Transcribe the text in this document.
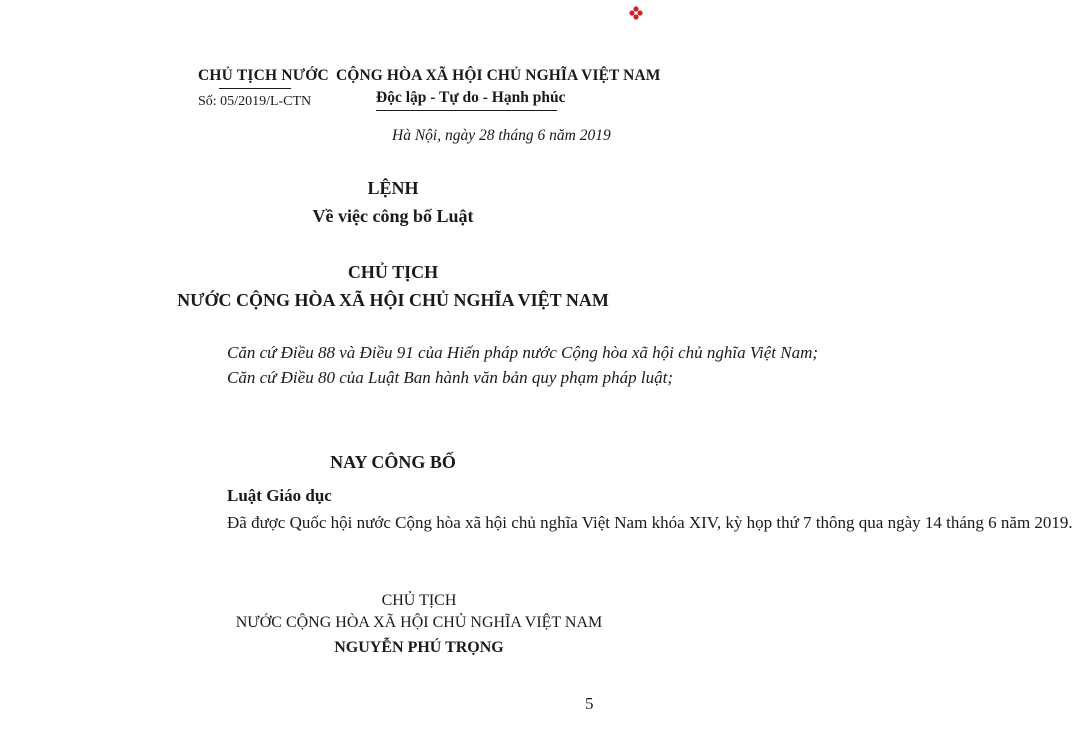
CHỦ TỊCH NƯỚC
Số: 05/2019/L-CTN
CỘNG HÒA XÃ HỘI CHỦ NGHĨA VIỆT NAM
Độc lập - Tự do - Hạnh phúc
Hà Nội, ngày 28 tháng 6 năm 2019
LỆNH
Về việc công bố Luật
CHỦ TỊCH
NƯỚC CỘNG HÒA XÃ HỘI CHỦ NGHĨA VIỆT NAM

Căn cứ Điều 88 và Điều 91 của Hiến pháp nước Cộng hòa xã hội chủ nghĩa Việt Nam;

Căn cứ Điều 80 của Luật Ban hành văn bản quy phạm pháp luật;

NAY CÔNG BỐ
Luật Giáo dục

Đã được Quốc hội nước Cộng hòa xã hội chủ nghĩa Việt Nam khóa XIV, kỳ họp thứ 7 thông qua ngày 14 tháng 6 năm 2019.

CHỦ TỊCH
NƯỚC CỘNG HÒA XÃ HỘI CHỦ NGHĨA VIỆT NAM
NGUYỄN PHÚ TRỌNG
5
